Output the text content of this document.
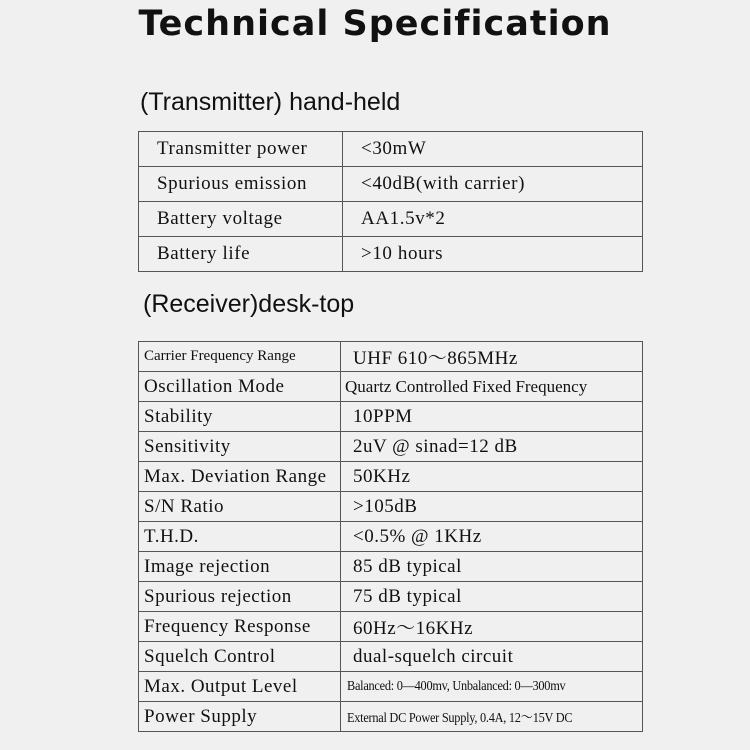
Technical Specification
(Transmitter) hand-held
Transmitter power	<30mW
Spurious emission	<40dB(with carrier)
Battery voltage	AA1.5v*2
Battery life	>10 hours
(Receiver)desk-top
Carrier Frequency Range	UHF 610～865MHz
Oscillation Mode	Quartz Controlled Fixed Frequency
Stability	10PPM
Sensitivity	2uV @ sinad=12 dB
Max. Deviation Range	50KHz
S/N Ratio	>105dB
T.H.D.	<0.5% @ 1KHz
Image rejection	85 dB typical
Spurious rejection	75 dB typical
Frequency Response	60Hz～16KHz
Squelch Control	dual-squelch circuit
Max. Output Level	Balanced: 0—400mv, Unbalanced: 0—300mv
Power Supply	External DC Power Supply, 0.4A, 12～15V DC
